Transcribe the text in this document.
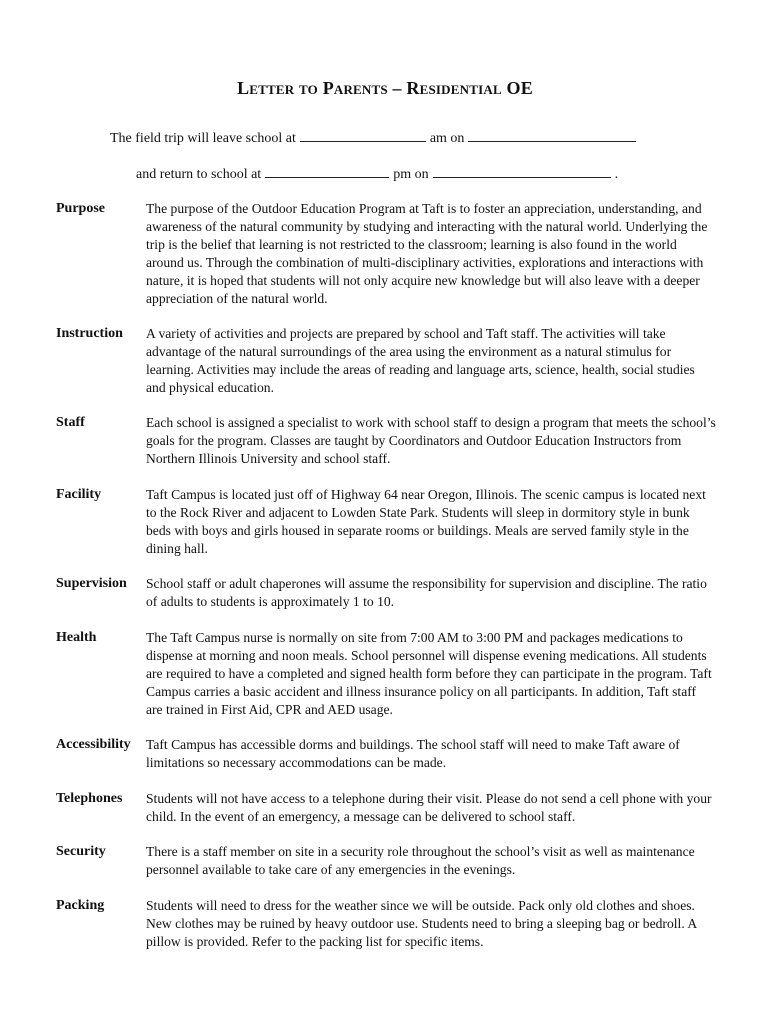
Letter to Parents – Residential OE

The field trip will leave school at	am on

and return to school at	pm on	.

Purpose	The purpose of the Outdoor Education Program at Taft is to foster an appreciation, understanding, and awareness of the natural community by studying and interacting with the natural world. Underlying the trip is the belief that learning is not restricted to the classroom; learning is also found in the world around us. Through the combination of multi-disciplinary activities, explorations and interactions with nature, it is hoped that students will not only acquire new knowledge but will also leave with a deeper appreciation of the natural world.
Instruction	A variety of activities and projects are prepared by school and Taft staff. The activities will take advantage of the natural surroundings of the area using the environment as a natural stimulus for learning. Activities may include the areas of reading and language arts, science, health, social studies and physical education.
Staff	Each school is assigned a specialist to work with school staff to design a program that meets the school’s goals for the program. Classes are taught by Coordinators and Outdoor Education Instructors from Northern Illinois University and school staff.
Facility	Taft Campus is located just off of Highway 64 near Oregon, Illinois. The scenic campus is located next to the Rock River and adjacent to Lowden State Park. Students will sleep in dormitory style in bunk beds with boys and girls housed in separate rooms or buildings. Meals are served family style in the dining hall.
Supervision	School staff or adult chaperones will assume the responsibility for supervision and discipline. The ratio of adults to students is approximately 1 to 10.
Health	The Taft Campus nurse is normally on site from 7:00 AM to 3:00 PM and packages medications to dispense at morning and noon meals. School personnel will dispense evening medications. All students are required to have a completed and signed health form before they can participate in the program. Taft Campus carries a basic accident and illness insurance policy on all participants. In addition, Taft staff are trained in First Aid, CPR and AED usage.
Accessibility	Taft Campus has accessible dorms and buildings. The school staff will need to make Taft aware of limitations so necessary accommodations can be made.
Telephones	Students will not have access to a telephone during their visit. Please do not send a cell phone with your child. In the event of an emergency, a message can be delivered to school staff.
Security	There is a staff member on site in a security role throughout the school’s visit as well as maintenance personnel available to take care of any emergencies in the evenings.
Packing	Students will need to dress for the weather since we will be outside. Pack only old clothes and shoes. New clothes may be ruined by heavy outdoor use. Students need to bring a sleeping bag or bedroll. A pillow is provided. Refer to the packing list for specific items.
